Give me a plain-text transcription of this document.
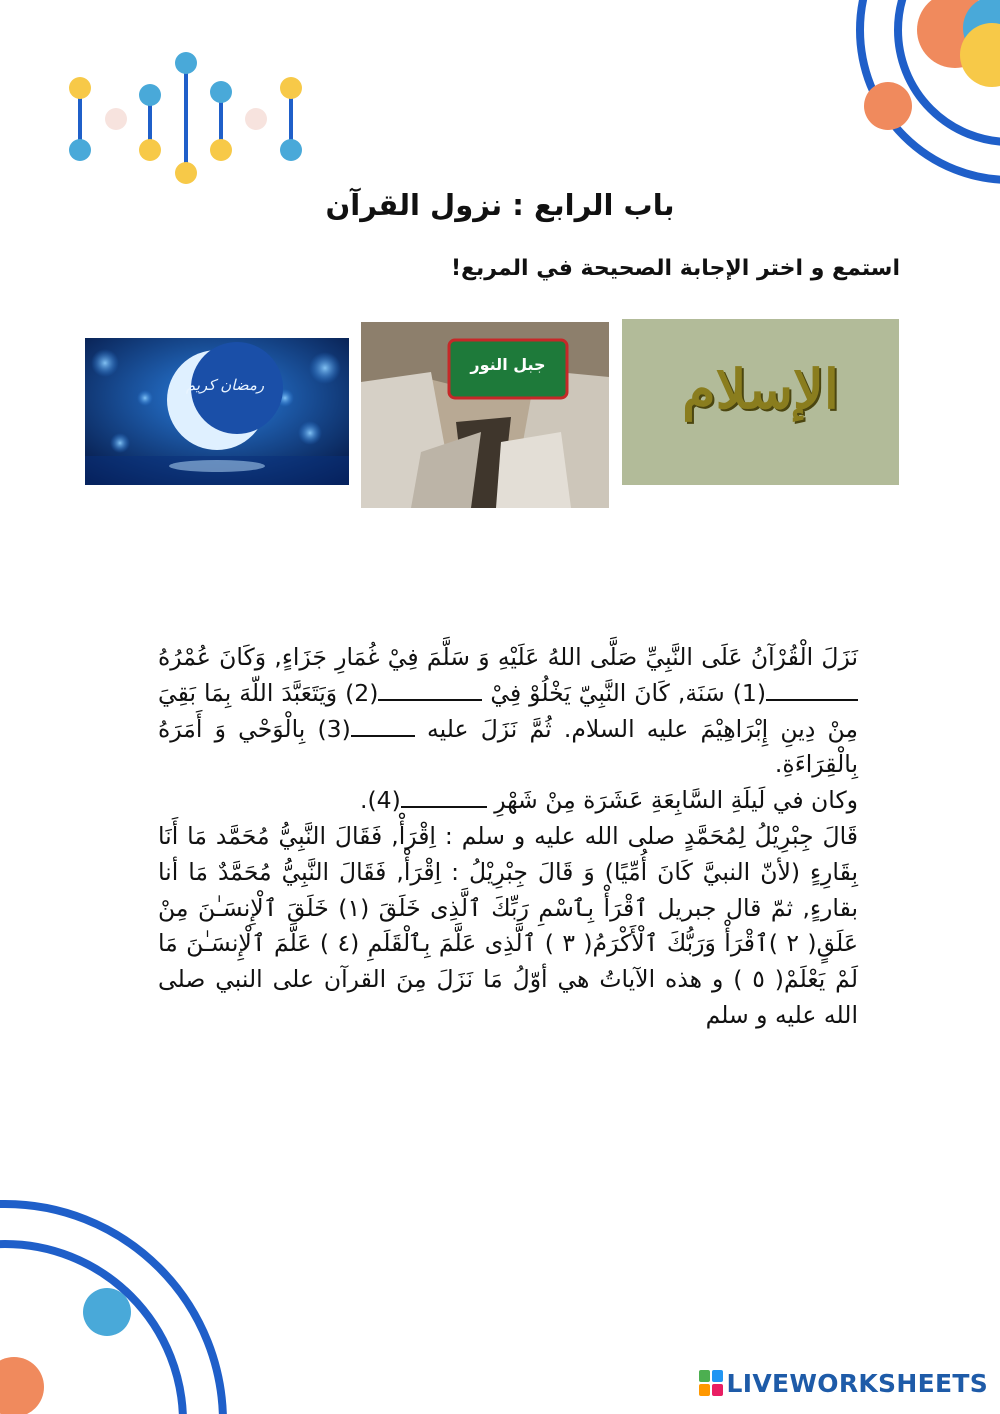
باب الرابع : نزول القرآن
استمع و اختر الإجابة الصحيحة في المربع!
رمضان كريم
جبل النور	الإسلام

نَزَلَ الْقُرْآنُ عَلَى النَّبِيِّ صَلَّى اللهُ عَلَيْهِ وَ سَلَّمَ فِيْ غُمَارِ جَزَاءٍ, وَكَانَ عُمْرُهُ (1) سَنَة, كَانَ النَّبِيّ يَخْلُوْ فِيْ (2) وَيَتَعَبَّدَ اللّهَ بِمَا بَقِيَ مِنْ دِينِ إِبْرَاهِيْمَ عليه السلام. ثُمَّ نَزَلَ عليه (3) بِالْوَحْي وَ أَمَرَهُ بِالْقِرَاءَةِ.

وكان في لَيلَةِ السَّابِعَةِ عَشَرَة مِنْ شَهْرِ (4).

قَالَ جِبْرِيْلُ لِمُحَمَّدٍ صلى الله عليه و سلم : اِقْرَأْ, فَقَالَ النَّبِيُّ مُحَمَّد مَا أَنَا بِقَارِءٍ (لأنّ النبيَّ كَانَ أُمِّيًا) وَ قَالَ جِبْرِيْلُ : اِقْرَأْ, فَقَالَ النَّبِيُّ مُحَمَّدٌ مَا أنا بقارءٍ, ثمّ قال جبريل ٱقْرَأْ بِٱسْمِ رَبِّكَ ٱلَّذِى خَلَقَ (١) خَلَقَ ٱلْإِنسَـٰنَ مِنْ عَلَقٍ( ٢ )ٱقْرَأْ وَرَبُّكَ ٱلْأَكْرَمُ( ٣ ) ٱلَّذِى عَلَّمَ بِٱلْقَلَمِ (٤ ) عَلَّمَ ٱلْإِنسَـٰنَ مَا لَمْ يَعْلَمْ( ٥ ) و هذه الآياتُ هي أوّلُ مَا نَزَلَ مِنَ القرآن على النبي صلى الله عليه و سلم

LIVEWORKSHEETS
